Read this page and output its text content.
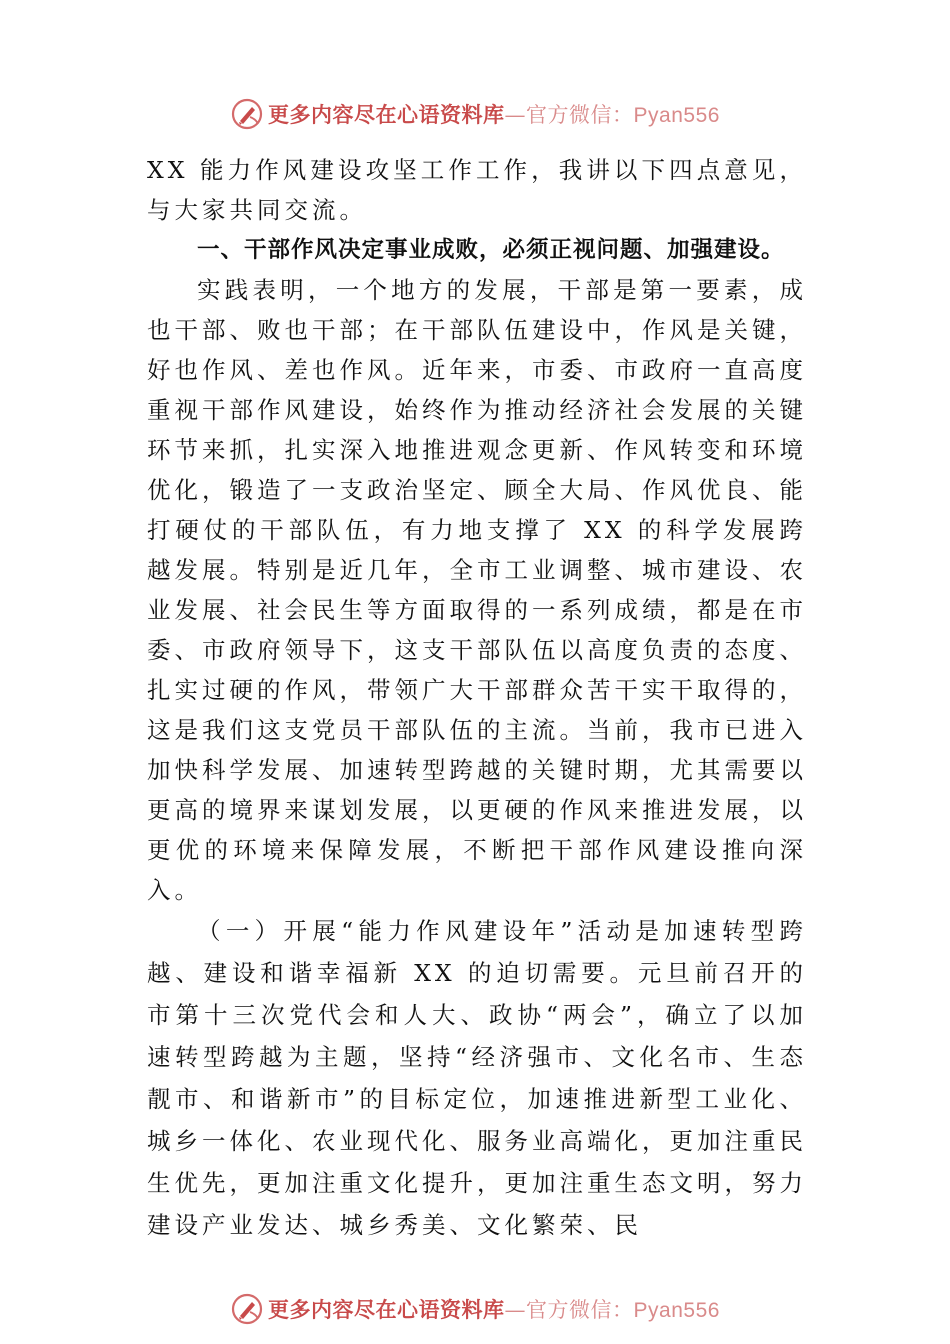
更多内容尽在心语资料库—官方微信：Pyan556

XX 能力作风建设攻坚工作工作，我讲以下四点意见，与大家共同交流。

一、干部作风决定事业成败，必须正视问题、加强建设。

实践表明，一个地方的发展，干部是第一要素，成也干部、败也干部；在干部队伍建设中，作风是关键，好也作风、差也作风。近年来，市委、市政府一直高度重视干部作风建设，始终作为推动经济社会发展的关键环节来抓，扎实深入地推进观念更新、作风转变和环境优化，锻造了一支政治坚定、顾全大局、作风优良、能打硬仗的干部队伍，有力地支撑了 XX 的科学发展跨越发展。特别是近几年，全市工业调整、城市建设、农业发展、社会民生等方面取得的一系列成绩，都是在市委、市政府领导下，这支干部队伍以高度负责的态度、扎实过硬的作风，带领广大干部群众苦干实干取得的，这是我们这支党员干部队伍的主流。当前，我市已进入加快科学发展、加速转型跨越的关键时期，尤其需要以更高的境界来谋划发展，以更硬的作风来推进发展，以更优的环境来保障发展，不断把干部作风建设推向深入。

（一）开展“能力作风建设年”活动是加速转型跨越、建设和谐幸福新 XX 的迫切需要。元旦前召开的市第十三次党代会和人大、政协“两会”，确立了以加速转型跨越为主题，坚持“经济强市、文化名市、生态靓市、和谐新市”的目标定位，加速推进新型工业化、城乡一体化、农业现代化、服务业高端化，更加注重民生优先，更加注重文化提升，更加注重生态文明，努力建设产业发达、城乡秀美、文化繁荣、民

更多内容尽在心语资料库—官方微信：Pyan556
